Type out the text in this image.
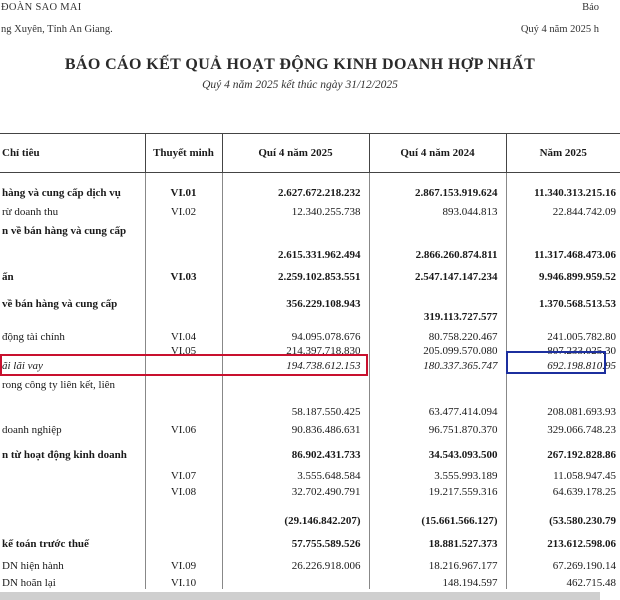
ĐOÀN SAO MAI
ng Xuyên, Tỉnh An Giang.
Báo
Quý 4 năm 2025 h
BÁO CÁO KẾT QUẢ HOẠT ĐỘNG KINH DOANH HỢP NHẤT
Quý 4 năm 2025 kết thúc ngày 31/12/2025
Chỉ tiêu	Thuyết minh	Quí 4 năm 2025	Quí 4 năm 2024	Năm 2025
hàng và cung cấp dịch vụ	VI.01	2.627.672.218.232	2.867.153.919.624	11.340.313.215.16
rừ doanh thu	VI.02	12.340.255.738	893.044.813	22.844.742.09
n về bán hàng và cung cấp				
		2.615.331.962.494	2.866.260.874.811	11.317.468.473.06
ấn	VI.03	2.259.102.853.551	2.547.147.147.234	9.946.899.959.52
về bán hàng và cung cấp		356.229.108.943		1.370.568.513.53
			319.113.727.577	
động tài chính	VI.04	94.095.078.676	80.758.220.467	241.005.782.80
	VI.05	214.397.718.830	205.099.570.080	807.233.025.30
ãi lãi vay		194.738.612.153	180.337.365.747	692.198.810.95
rong công ty liên kết, liên				
		58.187.550.425	63.477.414.094	208.081.693.93
doanh nghiệp	VI.06	90.836.486.631	96.751.870.370	329.066.748.23
n từ hoạt động kinh doanh		86.902.431.733	34.543.093.500	267.192.828.86
	VI.07	3.555.648.584	3.555.993.189	11.058.947.45
	VI.08	32.702.490.791	19.217.559.316	64.639.178.25
		(29.146.842.207)	(15.661.566.127)	(53.580.230.79
kế toán trước thuế		57.755.589.526	18.881.527.373	213.612.598.06
DN hiện hành	VI.09	26.226.918.006	18.216.967.177	67.269.190.14
DN hoãn lại	VI.10		148.194.597	462.715.48
